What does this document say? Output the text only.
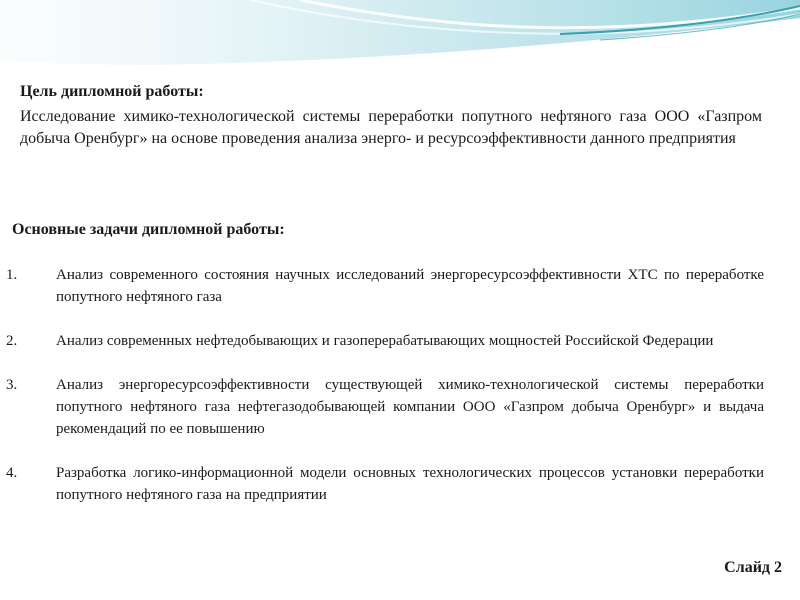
Цель дипломной работы:

Исследование химико-технологической системы переработки попутного нефтяного газа ООО «Газпром добыча Оренбург» на основе проведения анализа энерго- и ресурсоэффективности данного предприятия

Основные задачи дипломной работы:

1.	Анализ современного состояния научных исследований энергоресурсоэффективности ХТС по переработке попутного нефтяного газа
2.	Анализ современных нефтедобывающих и газоперерабатывающих мощностей Российской Федерации
3.	Анализ энергоресурсоэффективности существующей химико-технологической системы переработки попутного нефтяного газа нефтегазодобывающей компании ООО «Газпром добыча Оренбург» и выдача рекомендаций по ее повышению
4.	Разработка логико-информационной модели основных технологических процессов установки переработки попутного нефтяного газа на предприятии
Слайд 2
